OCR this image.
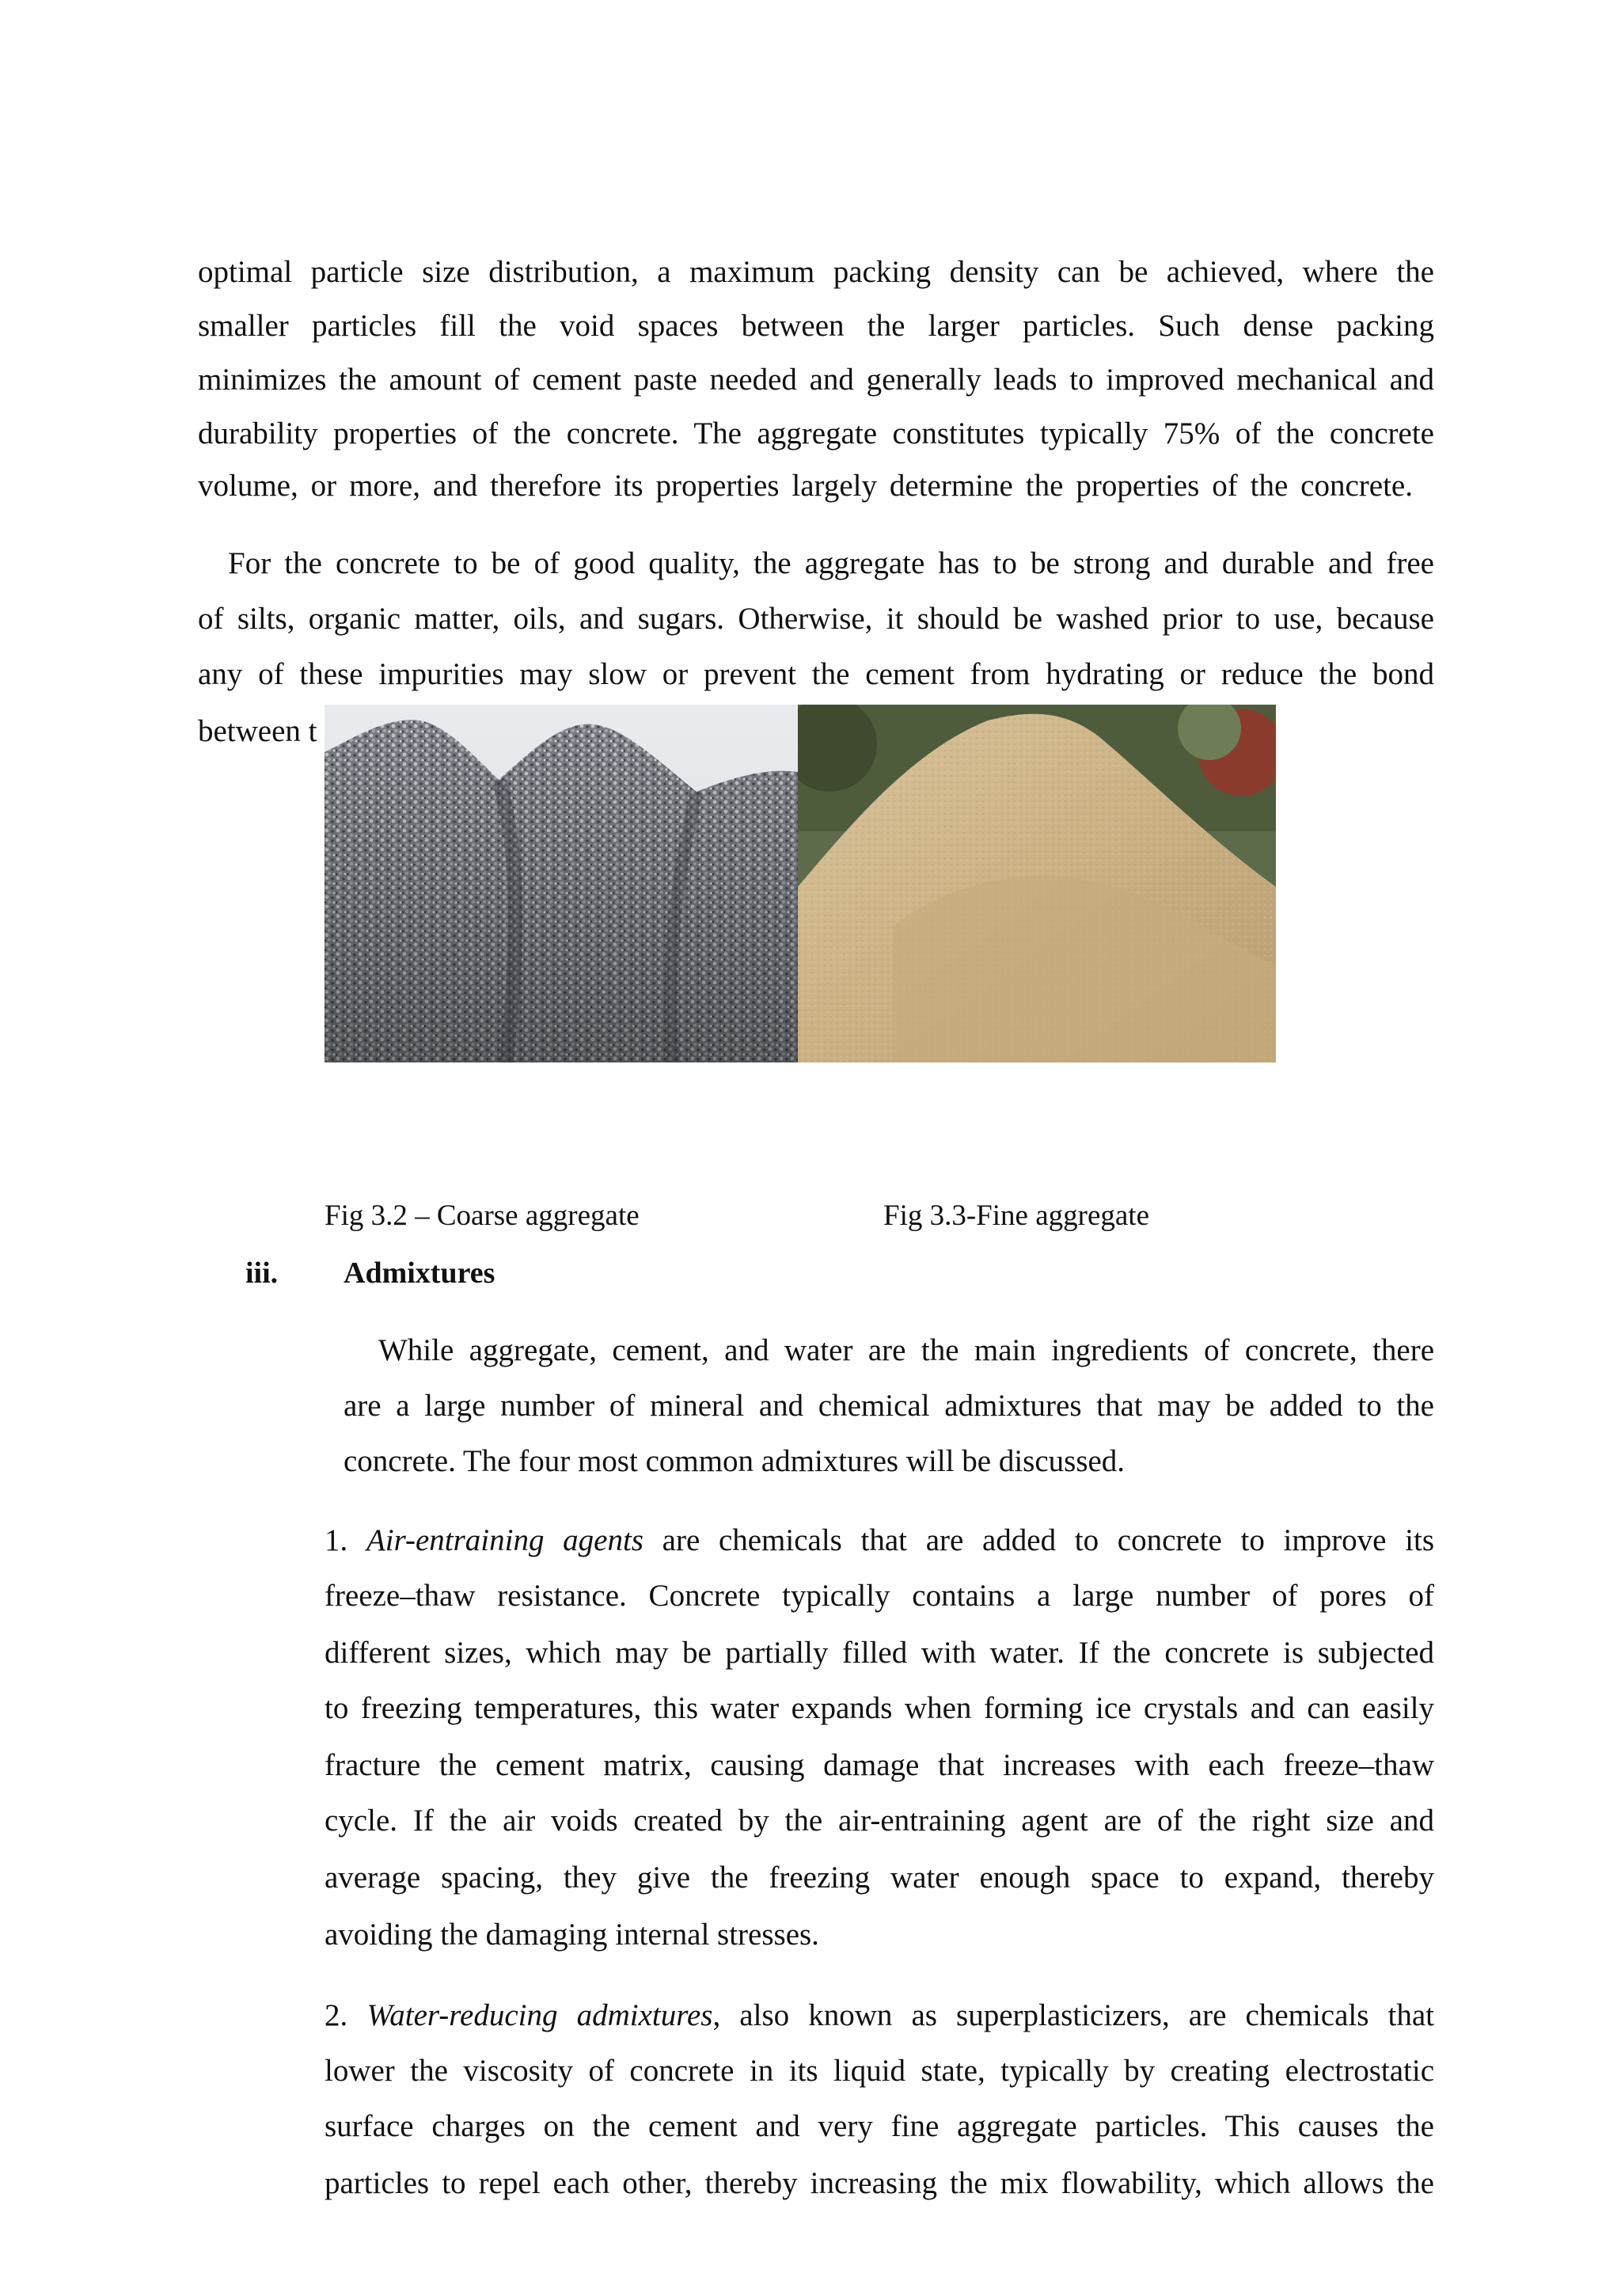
optimal particle size distribution, a maximum packing density can be achieved, where the
smaller particles fill the void spaces between the larger particles. Such dense packing
minimizes the amount of cement paste needed and generally leads to improved mechanical and
durability properties of the concrete. The aggregate constitutes typically 75% of the concrete
volume, or more, and therefore its properties largely determine the properties of the concrete.
For the concrete to be of good quality, the aggregate has to be strong and durable and free
of silts, organic matter, oils, and sugars. Otherwise, it should be washed prior to use, because
any of these impurities may slow or prevent the cement from hydrating or reduce the bond
between t
Fig 3.2 – Coarse aggregate	Fig 3.3-Fine aggregate
iii. Admixtures
While aggregate, cement, and water are the main ingredients of concrete, there
are a large number of mineral and chemical admixtures that may be added to the
concrete. The four most common admixtures will be discussed.
1. Air-entraining agents are chemicals that are added to concrete to improve its
freeze–thaw resistance. Concrete typically contains a large number of pores of
different sizes, which may be partially filled with water. If the concrete is subjected
to freezing temperatures, this water expands when forming ice crystals and can easily
fracture the cement matrix, causing damage that increases with each freeze–thaw
cycle. If the air voids created by the air-entraining agent are of the right size and
average spacing, they give the freezing water enough space to expand, thereby
avoiding the damaging internal stresses.
2. Water-reducing admixtures, also known as superplasticizers, are chemicals that
lower the viscosity of concrete in its liquid state, typically by creating electrostatic
surface charges on the cement and very fine aggregate particles. This causes the
particles to repel each other, thereby increasing the mix flowability, which allows the
